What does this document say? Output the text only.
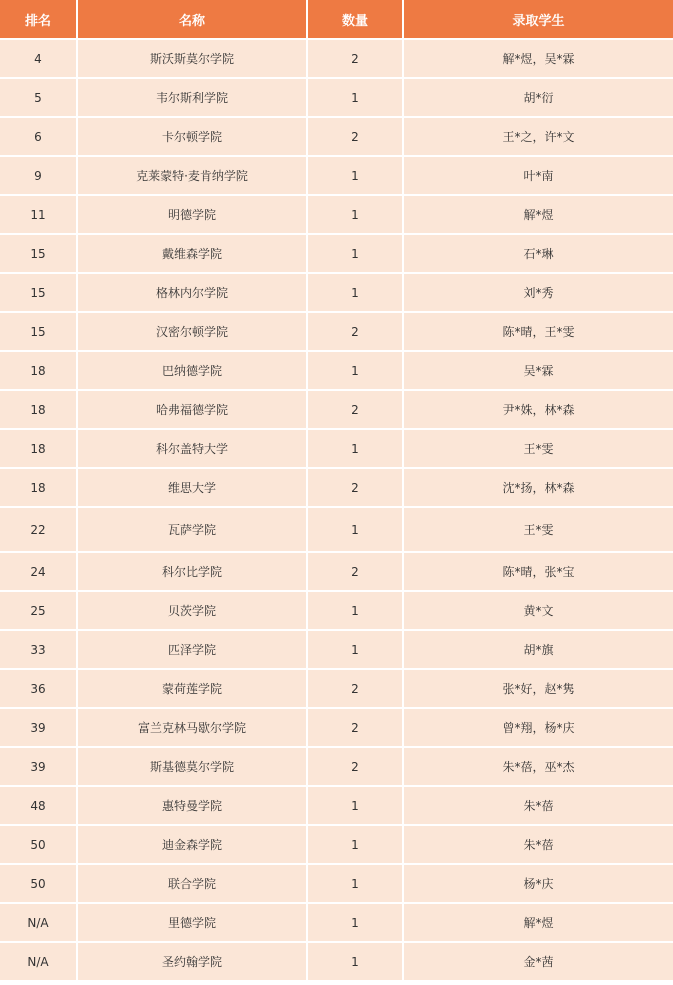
排名	名称	数量	录取学生
4	斯沃斯莫尔学院	2	解*煜，吴*霖
5	韦尔斯利学院	1	胡*衍
6	卡尔顿学院	2	王*之，许*文
9	克莱蒙特·麦肯纳学院	1	叶*南
11	明德学院	1	解*煜
15	戴维森学院	1	石*琳
15	格林内尔学院	1	刘*秀
15	汉密尔顿学院	2	陈*晴，王*雯
18	巴纳德学院	1	吴*霖
18	哈弗福德学院	2	尹*姝，林*森
18	科尔盖特大学	1	王*雯
18	维思大学	2	沈*扬，林*森
22	瓦萨学院	1	王*雯
24	科尔比学院	2	陈*晴，张*宝
25	贝茨学院	1	黄*文
33	匹泽学院	1	胡*旗
36	蒙荷莲学院	2	张*好，赵*隽
39	富兰克林马歇尔学院	2	曾*翔，杨*庆
39	斯基德莫尔学院	2	朱*蓓，巫*杰
48	惠特曼学院	1	朱*蓓
50	迪金森学院	1	朱*蓓
50	联合学院	1	杨*庆
N/A	里德学院	1	解*煜
N/A	圣约翰学院	1	金*茜
